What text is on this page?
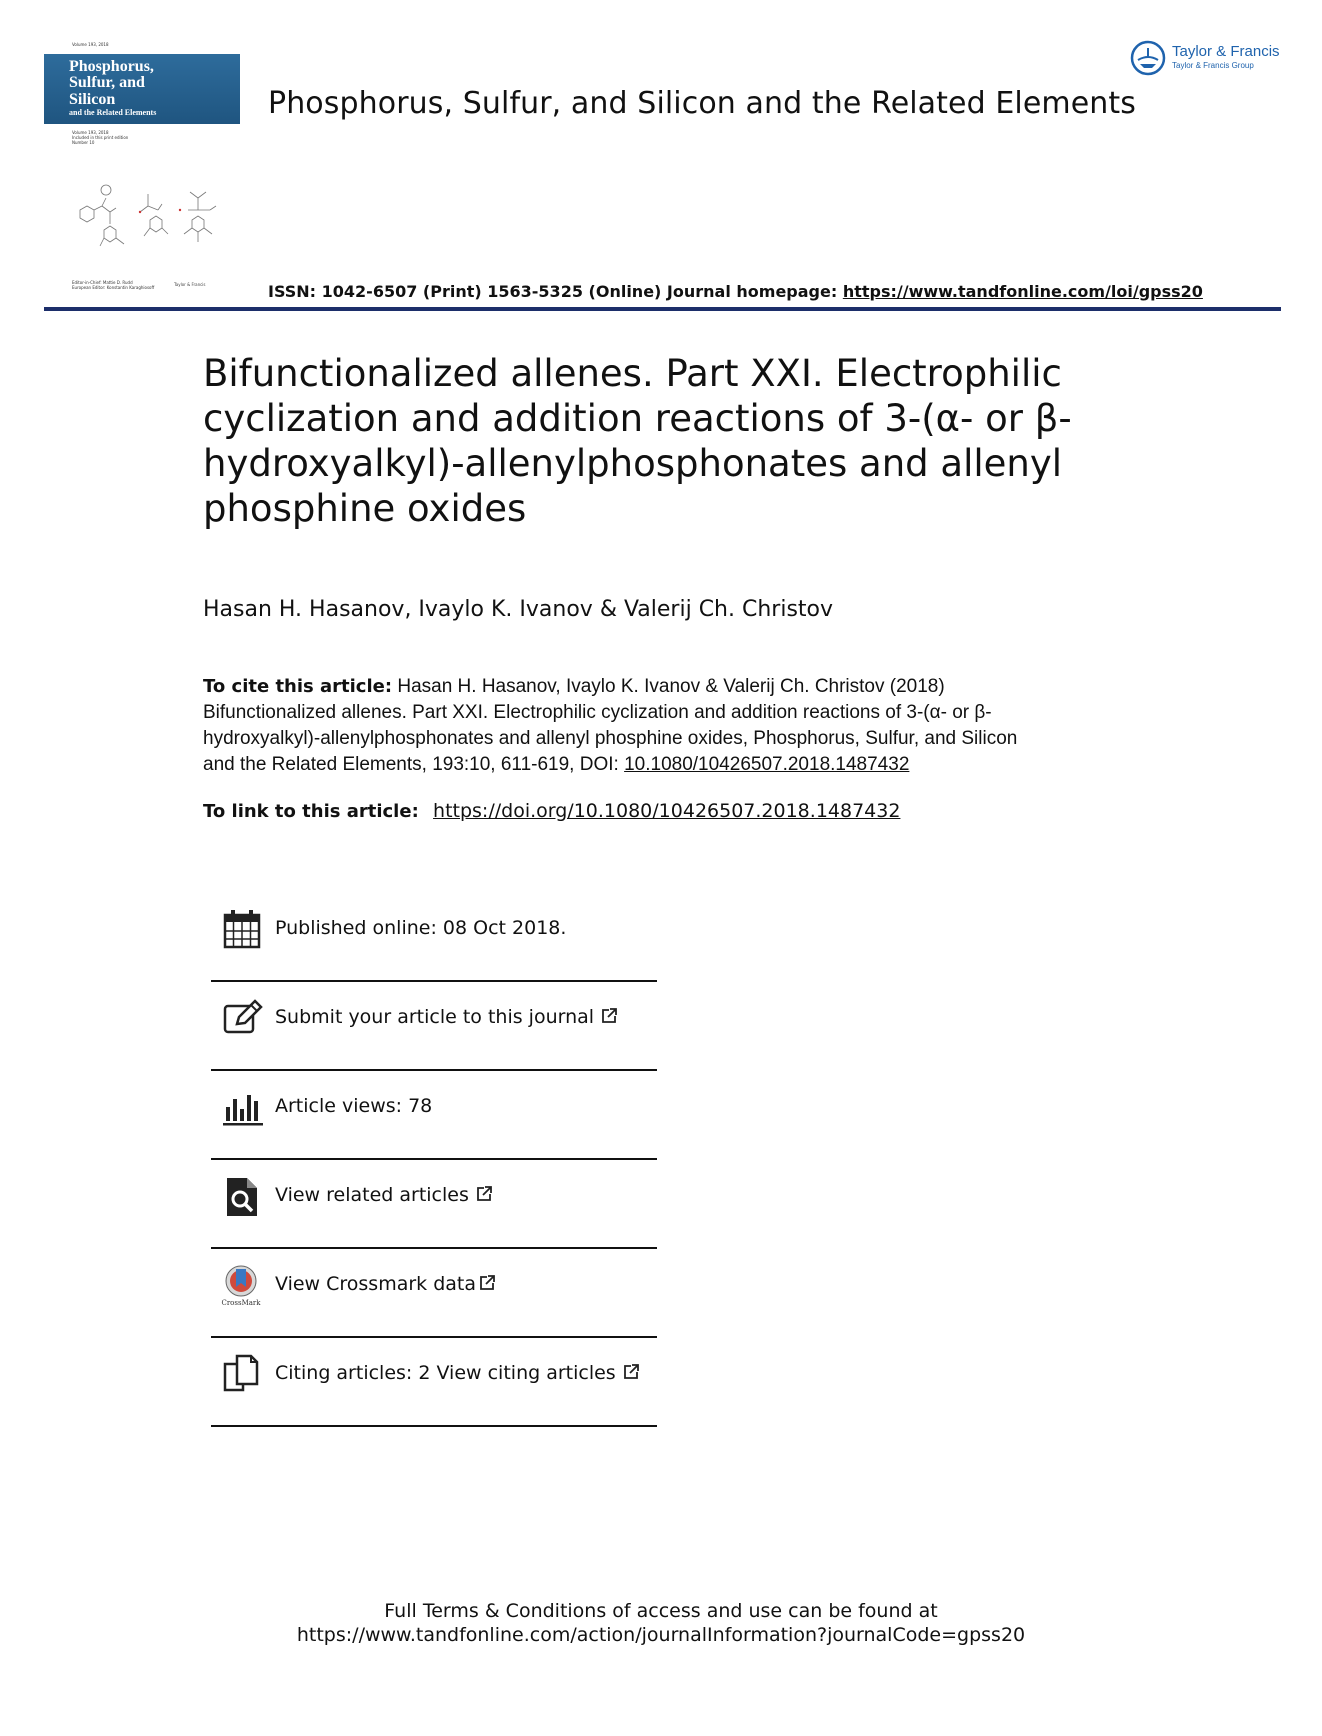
Volume 193, 2018
Phosphorus,
Sulfur, and
Silicon
and the Related Elements
Volume 193, 2018
Included in this print edition
Number 10
Editor-in-Chief: Mattie D. Rudd
European Editor: Konstantin Karaghiosoff
Taylor & Francis
Phosphorus, Sulfur, and Silicon and the Related Elements
Taylor & Francis
Taylor & Francis Group
ISSN: 1042-6507 (Print) 1563-5325 (Online) Journal homepage: https://www.tandfonline.com/loi/gpss20
Bifunctionalized allenes. Part XXI. Electrophilic
cyclization and addition reactions of 3-(α- or β-
hydroxyalkyl)-allenylphosphonates and allenyl
phosphine oxides
Hasan H. Hasanov, Ivaylo K. Ivanov & Valerij Ch. Christov
To cite this article: Hasan H. Hasanov, Ivaylo K. Ivanov & Valerij Ch. Christov (2018)
Bifunctionalized allenes. Part XXI. Electrophilic cyclization and addition reactions of 3-(α- or β-
hydroxyalkyl)-allenylphosphonates and allenyl phosphine oxides, Phosphorus, Sulfur, and Silicon
and the Related Elements, 193:10, 611-619, DOI: 10.1080/10426507.2018.1487432
To link to this article: https://doi.org/10.1080/10426507.2018.1487432
Published online: 08 Oct 2018.
Submit your article to this journal
Article views: 78
View related articles
CrossMark
View Crossmark data
Citing articles: 2 View citing articles
Full Terms & Conditions of access and use can be found at
https://www.tandfonline.com/action/journalInformation?journalCode=gpss20
